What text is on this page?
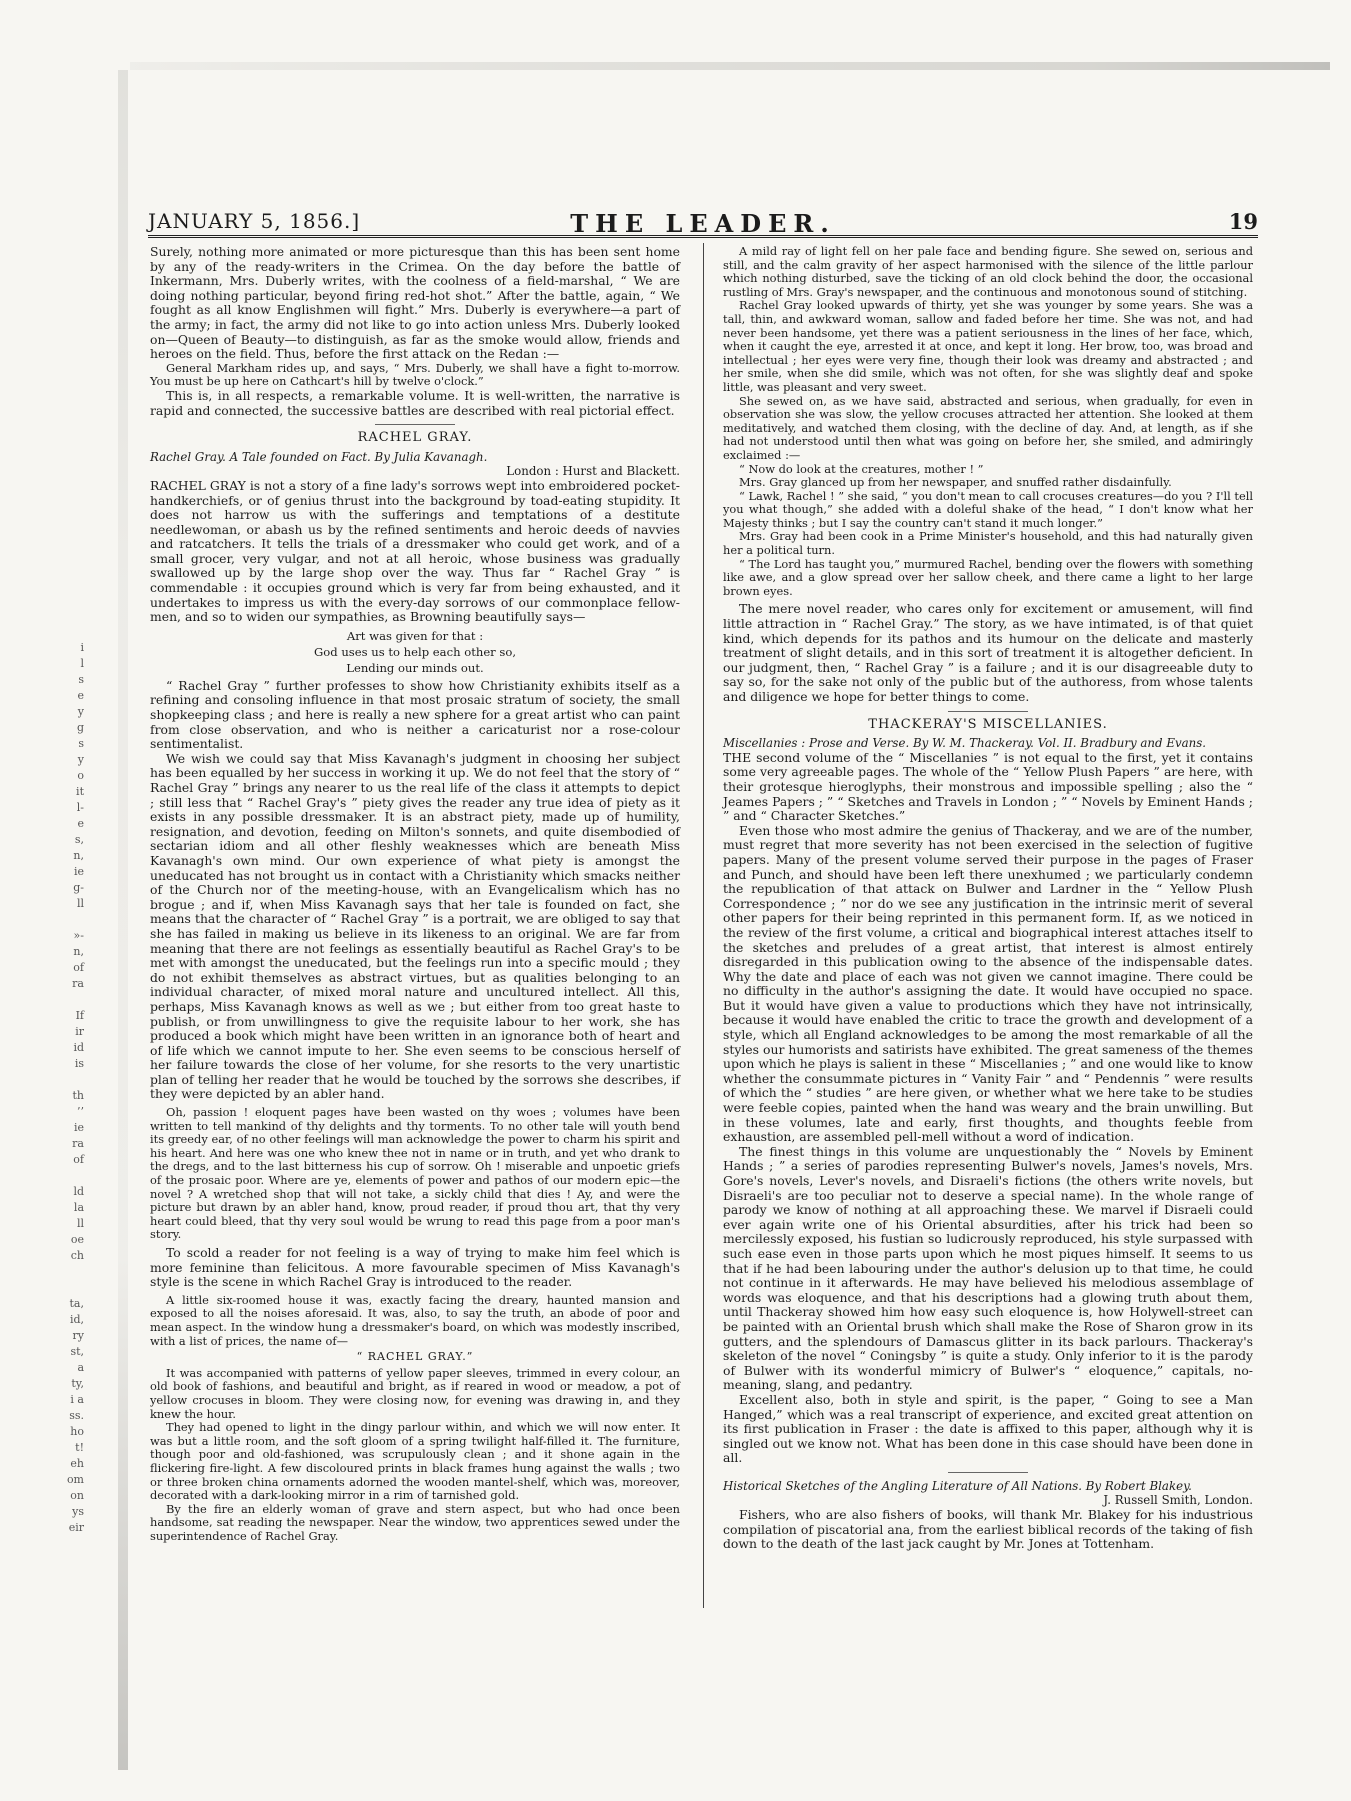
i
l
s
e
y
g
s
y
o
it
l-
e
s,
n,
ie
g-
ll
»-
n,
of
ra
If
ir
id
is
th
’’
ie
ra
of
ld
la
ll
oe
ch
ta,
id,
ry
st,
a
ty,
i a
ss.
ho
t!
eh
om
on
ys
eir
JANUARY 5, 1856.]	THE LEADER.	19

Surely, nothing more animated or more picturesque than this has been sent home by any of the ready-writers in the Crimea. On the day before the battle of Inkermann, Mrs. Duberly writes, with the coolness of a field-marshal, “ We are doing nothing particular, beyond firing red-hot shot.” After the battle, again, “ We fought as all know Englishmen will fight.” Mrs. Duberly is everywhere—a part of the army; in fact, the army did not like to go into action unless Mrs. Duberly looked on—Queen of Beauty—to distinguish, as far as the smoke would allow, friends and heroes on the field. Thus, before the first attack on the Redan :—

General Markham rides up, and says, “ Mrs. Duberly, we shall have a fight to-morrow. You must be up here on Cathcart's hill by twelve o'clock.”

This is, in all respects, a remarkable volume. It is well-written, the narrative is rapid and connected, the successive battles are described with real pictorial effect.

RACHEL GRAY.

Rachel Gray. A Tale founded on Fact. By Julia Kavanagh.

London : Hurst and Blackett.

RACHEL GRAY is not a story of a fine lady's sorrows wept into embroidered pocket-handkerchiefs, or of genius thrust into the background by toad-eating stupidity. It does not harrow us with the sufferings and temptations of a destitute needlewoman, or abash us by the refined sentiments and heroic deeds of navvies and ratcatchers. It tells the trials of a dressmaker who could get work, and of a small grocer, very vulgar, and not at all heroic, whose business was gradually swallowed up by the large shop over the way. Thus far “ Rachel Gray ” is commendable : it occupies ground which is very far from being exhausted, and it undertakes to impress us with the every-day sorrows of our commonplace fellow-men, and so to widen our sympathies, as Browning beautifully says—

Art was given for that :

God uses us to help each other so,

Lending our minds out.

“ Rachel Gray ” further professes to show how Christianity exhibits itself as a refining and consoling influence in that most prosaic stratum of society, the small shopkeeping class ; and here is really a new sphere for a great artist who can paint from close observation, and who is neither a caricaturist nor a rose-colour sentimentalist.

We wish we could say that Miss Kavanagh's judgment in choosing her subject has been equalled by her success in working it up. We do not feel that the story of “ Rachel Gray ” brings any nearer to us the real life of the class it attempts to depict ; still less that “ Rachel Gray's ” piety gives the reader any true idea of piety as it exists in any possible dressmaker. It is an abstract piety, made up of humility, resignation, and devotion, feeding on Milton's sonnets, and quite disembodied of sectarian idiom and all other fleshly weaknesses which are beneath Miss Kavanagh's own mind. Our own experience of what piety is amongst the uneducated has not brought us in contact with a Christianity which smacks neither of the Church nor of the meeting-house, with an Evangelicalism which has no brogue ; and if, when Miss Kavanagh says that her tale is founded on fact, she means that the character of “ Rachel Gray ” is a portrait, we are obliged to say that she has failed in making us believe in its likeness to an original. We are far from meaning that there are not feelings as essentially beautiful as Rachel Gray's to be met with amongst the uneducated, but the feelings run into a specific mould ; they do not exhibit themselves as abstract virtues, but as qualities belonging to an individual character, of mixed moral nature and uncultured intellect. All this, perhaps, Miss Kavanagh knows as well as we ; but either from too great haste to publish, or from unwillingness to give the requisite labour to her work, she has produced a book which might have been written in an ignorance both of heart and of life which we cannot impute to her. She even seems to be conscious herself of her failure towards the close of her volume, for she resorts to the very unartistic plan of telling her reader that he would be touched by the sorrows she describes, if they were depicted by an abler hand.

Oh, passion ! eloquent pages have been wasted on thy woes ; volumes have been written to tell mankind of thy delights and thy torments. To no other tale will youth bend its greedy ear, of no other feelings will man acknowledge the power to charm his spirit and his heart. And here was one who knew thee not in name or in truth, and yet who drank to the dregs, and to the last bitterness his cup of sorrow. Oh ! miserable and unpoetic griefs of the prosaic poor. Where are ye, elements of power and pathos of our modern epic—the novel ? A wretched shop that will not take, a sickly child that dies ! Ay, and were the picture but drawn by an abler hand, know, proud reader, if proud thou art, that thy very heart could bleed, that thy very soul would be wrung to read this page from a poor man's story.

To scold a reader for not feeling is a way of trying to make him feel which is more feminine than felicitous. A more favourable specimen of Miss Kavanagh's style is the scene in which Rachel Gray is introduced to the reader.

A little six-roomed house it was, exactly facing the dreary, haunted mansion and exposed to all the noises aforesaid. It was, also, to say the truth, an abode of poor and mean aspect. In the window hung a dressmaker's board, on which was modestly inscribed, with a list of prices, the name of—

“ RACHEL GRAY.”

It was accompanied with patterns of yellow paper sleeves, trimmed in every colour, an old book of fashions, and beautiful and bright, as if reared in wood or meadow, a pot of yellow crocuses in bloom. They were closing now, for evening was drawing in, and they knew the hour.

They had opened to light in the dingy parlour within, and which we will now enter. It was but a little room, and the soft gloom of a spring twilight half-filled it. The furniture, though poor and old-fashioned, was scrupulously clean ; and it shone again in the flickering fire-light. A few discoloured prints in black frames hung against the walls ; two or three broken china ornaments adorned the wooden mantel-shelf, which was, moreover, decorated with a dark-looking mirror in a rim of tarnished gold.

By the fire an elderly woman of grave and stern aspect, but who had once been handsome, sat reading the newspaper. Near the window, two apprentices sewed under the superintendence of Rachel Gray.

A mild ray of light fell on her pale face and bending figure. She sewed on, serious and still, and the calm gravity of her aspect harmonised with the silence of the little parlour which nothing disturbed, save the ticking of an old clock behind the door, the occasional rustling of Mrs. Gray's newspaper, and the continuous and monotonous sound of stitching.

Rachel Gray looked upwards of thirty, yet she was younger by some years. She was a tall, thin, and awkward woman, sallow and faded before her time. She was not, and had never been handsome, yet there was a patient seriousness in the lines of her face, which, when it caught the eye, arrested it at once, and kept it long. Her brow, too, was broad and intellectual ; her eyes were very fine, though their look was dreamy and abstracted ; and her smile, when she did smile, which was not often, for she was slightly deaf and spoke little, was pleasant and very sweet.

She sewed on, as we have said, abstracted and serious, when gradually, for even in observation she was slow, the yellow crocuses attracted her attention. She looked at them meditatively, and watched them closing, with the decline of day. And, at length, as if she had not understood until then what was going on before her, she smiled, and admiringly exclaimed :—

“ Now do look at the creatures, mother ! ”

Mrs. Gray glanced up from her newspaper, and snuffed rather disdainfully.

“ Lawk, Rachel ! ” she said, “ you don't mean to call crocuses creatures—do you ? I'll tell you what though,” she added with a doleful shake of the head, “ I don't know what her Majesty thinks ; but I say the country can't stand it much longer.”

Mrs. Gray had been cook in a Prime Minister's household, and this had naturally given her a political turn.

“ The Lord has taught you,” murmured Rachel, bending over the flowers with something like awe, and a glow spread over her sallow cheek, and there came a light to her large brown eyes.

The mere novel reader, who cares only for excitement or amusement, will find little attraction in “ Rachel Gray.” The story, as we have intimated, is of that quiet kind, which depends for its pathos and its humour on the delicate and masterly treatment of slight details, and in this sort of treatment it is altogether deficient. In our judgment, then, “ Rachel Gray ” is a failure ; and it is our disagreeable duty to say so, for the sake not only of the public but of the authoress, from whose talents and diligence we hope for better things to come.

THACKERAY'S MISCELLANIES.

Miscellanies : Prose and Verse. By W. M. Thackeray. Vol. II. Bradbury and Evans.

THE second volume of the “ Miscellanies ” is not equal to the first, yet it contains some very agreeable pages. The whole of the “ Yellow Plush Papers ” are here, with their grotesque hieroglyphs, their monstrous and impossible spelling ; also the “ Jeames Papers ; ” “ Sketches and Travels in London ; ” “ Novels by Eminent Hands ; ” and “ Character Sketches.”

Even those who most admire the genius of Thackeray, and we are of the number, must regret that more severity has not been exercised in the selection of fugitive papers. Many of the present volume served their purpose in the pages of Fraser and Punch, and should have been left there unexhumed ; we particularly condemn the republication of that attack on Bulwer and Lardner in the “ Yellow Plush Correspondence ; ” nor do we see any justification in the intrinsic merit of several other papers for their being reprinted in this permanent form. If, as we noticed in the review of the first volume, a critical and biographical interest attaches itself to the sketches and preludes of a great artist, that interest is almost entirely disregarded in this publication owing to the absence of the indispensable dates. Why the date and place of each was not given we cannot imagine. There could be no difficulty in the author's assigning the date. It would have occupied no space. But it would have given a value to productions which they have not intrinsically, because it would have enabled the critic to trace the growth and development of a style, which all England acknowledges to be among the most remarkable of all the styles our humorists and satirists have exhibited. The great sameness of the themes upon which he plays is salient in these “ Miscellanies ; ” and one would like to know whether the consummate pictures in “ Vanity Fair ” and “ Pendennis ” were results of which the “ studies ” are here given, or whether what we here take to be studies were feeble copies, painted when the hand was weary and the brain unwilling. But in these volumes, late and early, first thoughts, and thoughts feeble from exhaustion, are assembled pell-mell without a word of indication.

The finest things in this volume are unquestionably the “ Novels by Eminent Hands ; ” a series of parodies representing Bulwer's novels, James's novels, Mrs. Gore's novels, Lever's novels, and Disraeli's fictions (the others write novels, but Disraeli's are too peculiar not to deserve a special name). In the whole range of parody we know of nothing at all approaching these. We marvel if Disraeli could ever again write one of his Oriental absurdities, after his trick had been so mercilessly exposed, his fustian so ludicrously reproduced, his style surpassed with such ease even in those parts upon which he most piques himself. It seems to us that if he had been labouring under the author's delusion up to that time, he could not continue in it afterwards. He may have believed his melodious assemblage of words was eloquence, and that his descriptions had a glowing truth about them, until Thackeray showed him how easy such eloquence is, how Holywell-street can be painted with an Oriental brush which shall make the Rose of Sharon grow in its gutters, and the splendours of Damascus glitter in its back parlours. Thackeray's skeleton of the novel “ Coningsby ” is quite a study. Only inferior to it is the parody of Bulwer with its wonderful mimicry of Bulwer's “ eloquence,” capitals, no-meaning, slang, and pedantry.

Excellent also, both in style and spirit, is the paper, “ Going to see a Man Hanged,” which was a real transcript of experience, and excited great attention on its first publication in Fraser : the date is affixed to this paper, although why it is singled out we know not. What has been done in this case should have been done in all.

Historical Sketches of the Angling Literature of All Nations. By Robert Blakey.

J. Russell Smith, London.

Fishers, who are also fishers of books, will thank Mr. Blakey for his industrious compilation of piscatorial ana, from the earliest biblical records of the taking of fish down to the death of the last jack caught by Mr. Jones at Tottenham.
